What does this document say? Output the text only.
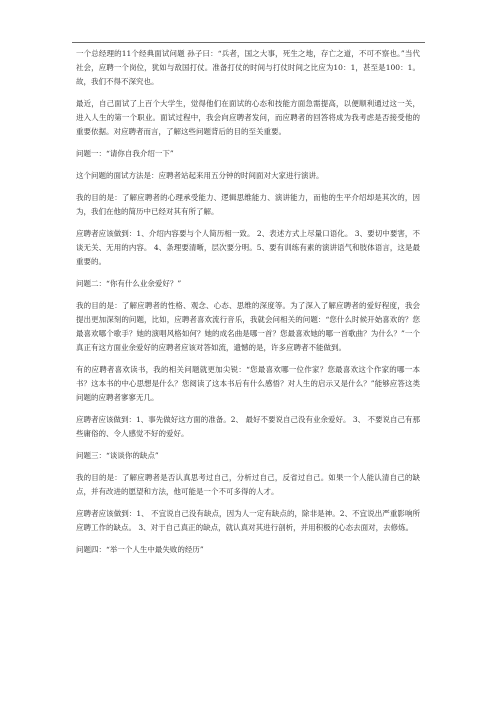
一个总经理的11个经典面试问题 孙子曰：“兵者，国之大事，死生之地，存亡之道，不可不察也。”当代社会，应聘一个岗位，犹如与敌国打仗。准备打仗的时间与打仗时间之比应为10：1，甚至是100：1。故，我们不得不深究也。

最近，自己面试了上百个大学生，觉得他们在面试的心态和技能方面急需提高，以便顺利通过这一关，进入人生的第一个职业。面试过程中，我会向应聘者发问，而应聘者的回答将成为我考虑是否接受他的重要依据。对应聘者而言，了解这些问题背后的目的至关重要。

问题一：“请你自我介绍一下”

这个问题的面试方法是：应聘者站起来用五分钟的时间面对大家进行演讲。

我的目的是：了解应聘者的心理承受能力、逻辑思维能力、演讲能力，而他的生平介绍却是其次的，因为，我们在他的简历中已经对其有所了解。

应聘者应该做到：1、介绍内容要与个人简历相一致。 2、表述方式上尽量口语化。 3、要切中要害，不谈无关、无用的内容。 4、条理要清晰，层次要分明。5、要有训练有素的演讲语气和肢体语言，这是最重要的。

问题二：“你有什么业余爱好？”

我的目的是：了解应聘者的性格、观念、心态、思维的深度等。为了深入了解应聘者的爱好程度，我会提出更加深刻的问题，比如，应聘者喜欢流行音乐，我就会问相关的问题：“您什么时候开始喜欢的？您最喜欢哪个歌手？她的演唱风格如何？她的成名曲是哪一首？您最喜欢她的哪一首歌曲？为什么？”一个真正有这方面业余爱好的应聘者应该对答如流，遗憾的是，许多应聘者不能做到。

有的应聘者喜欢读书，我的相关问题就更加尖锐：“您最喜欢哪一位作家？您最喜欢这个作家的哪一本书？这本书的中心思想是什么？您阅读了这本书后有什么感悟？对人生的启示又是什么？”能够应答这类问题的应聘者寥寥无几。

应聘者应该做到：1、事先做好这方面的准备。2、 最好不要说自己没有业余爱好。 3、 不要说自己有那些庸俗的、令人感觉不好的爱好。

问题三：“谈谈你的缺点”

我的目的是：了解应聘者是否认真思考过自己，分析过自己，反省过自己。如果一个人能认清自己的缺点，并有改进的愿望和方法，他可能是一个不可多得的人才。

应聘者应该做到：1、 不宜说自己没有缺点，因为人一定有缺点的，除非是神。2、不宜说出严重影响所应聘工作的缺点。 3、对于自己真正的缺点，就认真对其进行剖析，并用积极的心态去面对，去修炼。

问题四：“举一个人生中最失败的经历”
